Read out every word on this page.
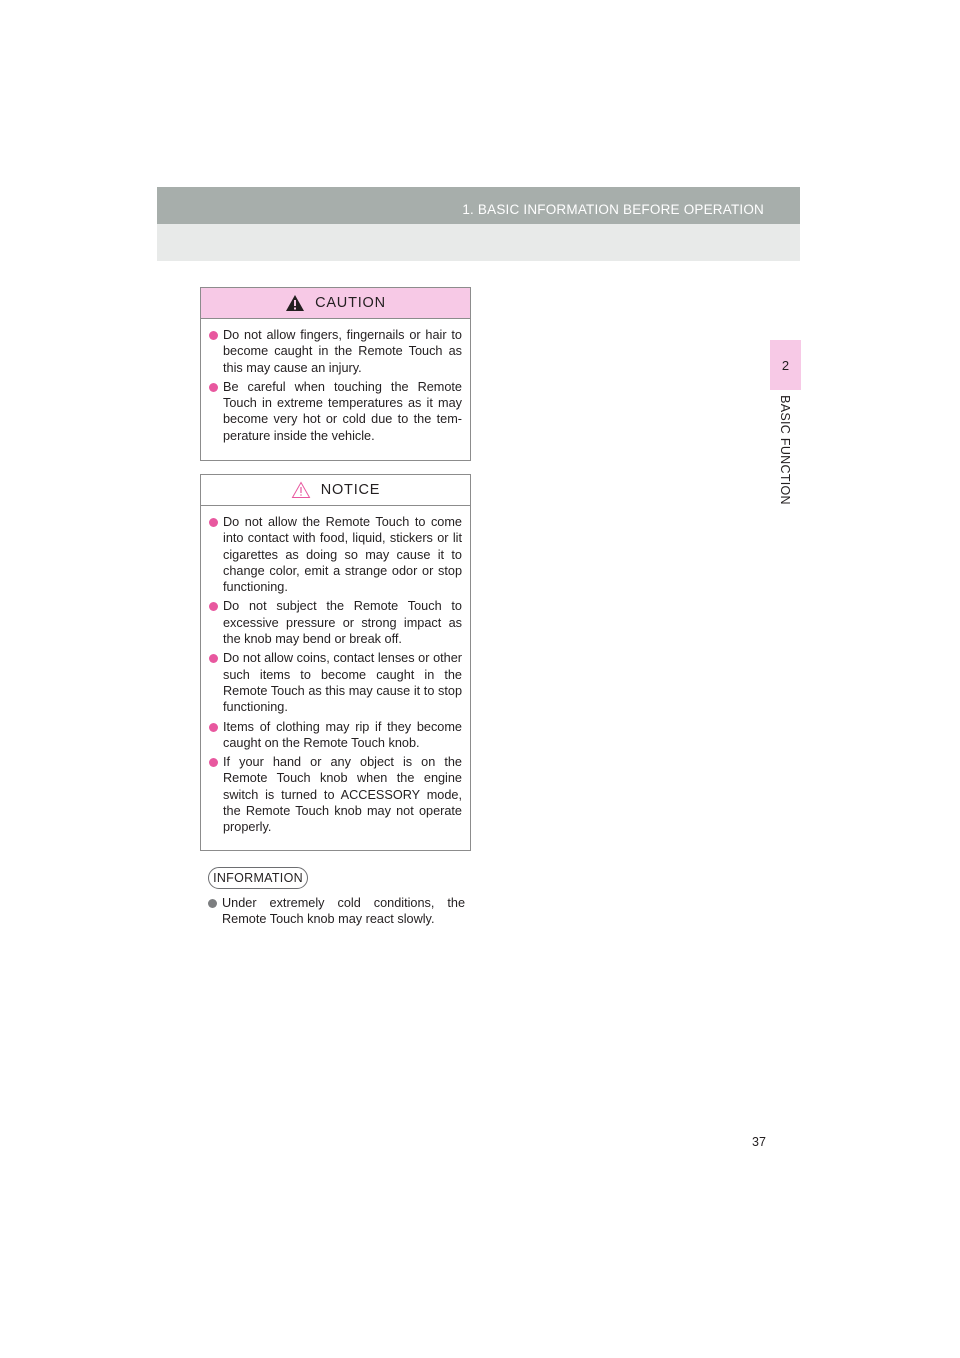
1. BASIC INFORMATION BEFORE OPERATION
2
BASIC FUNCTION
CAUTION
Do not allow fingers, fingernails or hair to become caught in the Remote Touch as this may cause an injury.
Be careful when touching the Remote Touch in extreme temperatures as it may become very hot or cold due to the tem-perature inside the vehicle.
NOTICE
Do not allow the Remote Touch to come into contact with food, liquid, stickers or lit cigarettes as doing so may cause it to change color, emit a strange odor or stop functioning.
Do not subject the Remote Touch to excessive pressure or strong impact as the knob may bend or break off.
Do not allow coins, contact lenses or other such items to become caught in the Remote Touch as this may cause it to stop functioning.
Items of clothing may rip if they become caught on the Remote Touch knob.
If your hand or any object is on the Remote Touch knob when the engine switch is turned to ACCESSORY mode, the Remote Touch knob may not operate properly.
INFORMATION
Under extremely cold conditions, the Remote Touch knob may react slowly.
37
